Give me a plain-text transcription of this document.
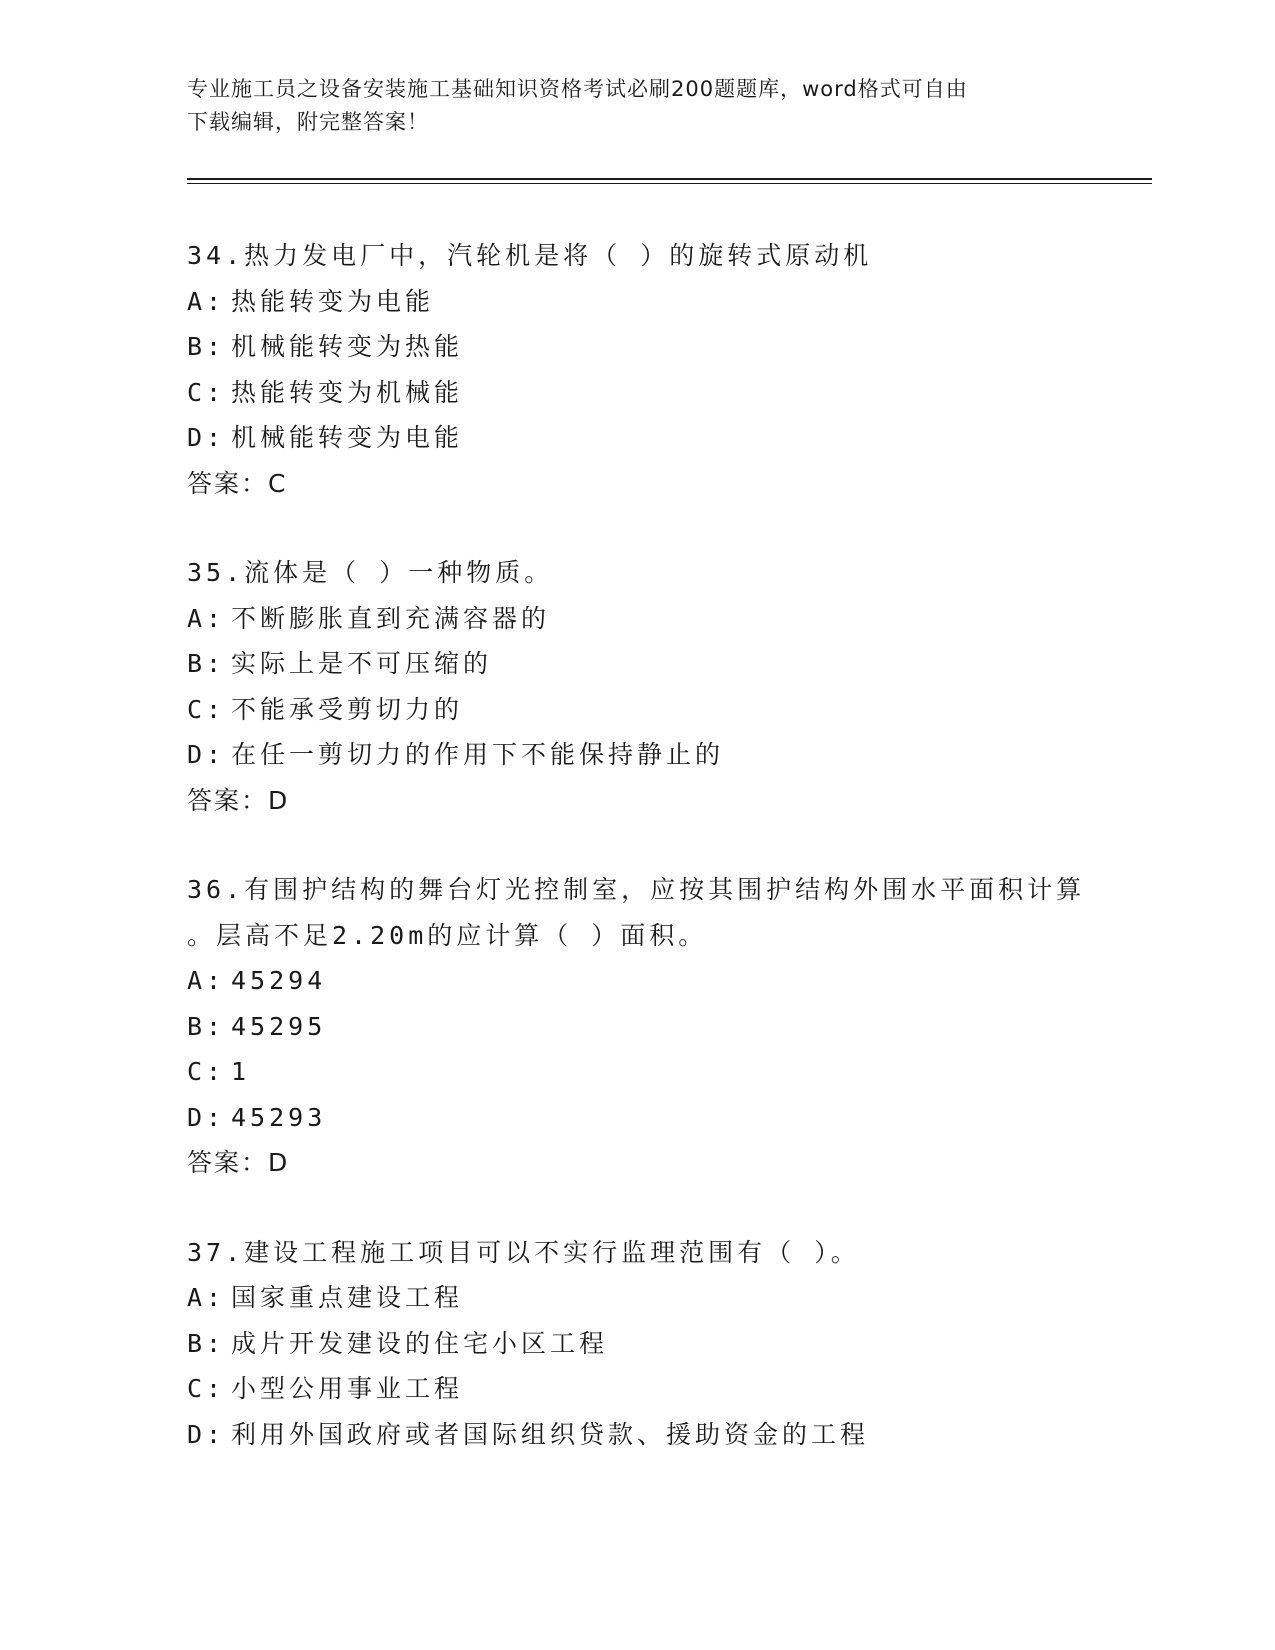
专业施工员之设备安装施工基础知识资格考试必刷200题题库，word格式可自由
下载编辑，附完整答案！
34.热力发电厂中，汽轮机是将（ ）的旋转式原动机
A: 热能转变为电能
B: 机械能转变为热能
C: 热能转变为机械能
D: 机械能转变为电能
答案：C
35.流体是（ ）一种物质。
A: 不断膨胀直到充满容器的
B: 实际上是不可压缩的
C: 不能承受剪切力的
D: 在任一剪切力的作用下不能保持静止的
答案：D
36.有围护结构的舞台灯光控制室，应按其围护结构外围水平面积计算
。层高不足2.20m的应计算（ ）面积。
A: 45294
B: 45295
C: 1
D: 45293
答案：D
37.建设工程施工项目可以不实行监理范围有（ ）。
A: 国家重点建设工程
B: 成片开发建设的住宅小区工程
C: 小型公用事业工程
D: 利用外国政府或者国际组织贷款、援助资金的工程
